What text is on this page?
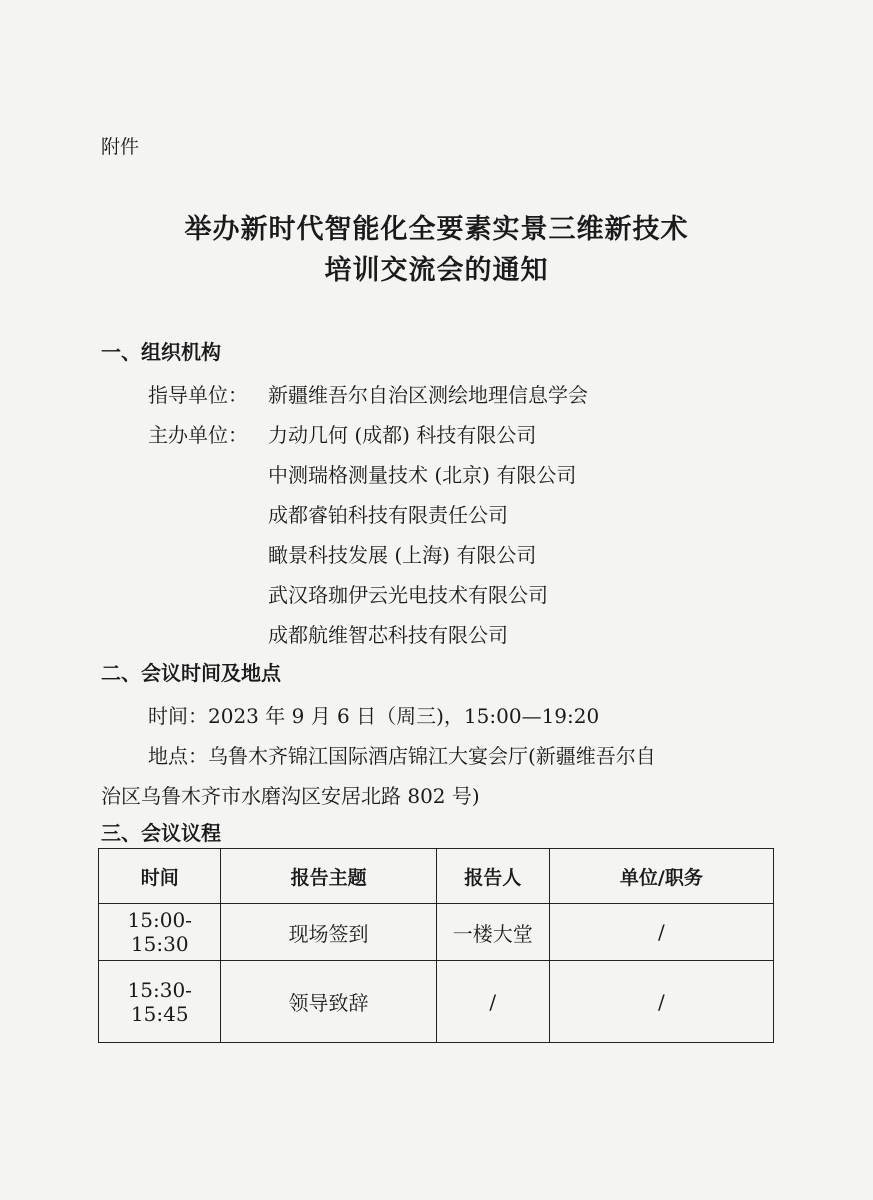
附件
举办新时代智能化全要素实景三维新技术
培训交流会的通知
一、组织机构
指导单位： 新疆维吾尔自治区测绘地理信息学会
主办单位： 力动几何 (成都) 科技有限公司
中测瑞格测量技术 (北京) 有限公司
成都睿铂科技有限责任公司
瞰景科技发展 (上海) 有限公司
武汉珞珈伊云光电技术有限公司
成都航维智芯科技有限公司
二、会议时间及地点
时间：2023 年 9 月 6 日（周三)，15:00—19:20
地点：乌鲁木齐锦江国际酒店锦江大宴会厅(新疆维吾尔自
治区乌鲁木齐市水磨沟区安居北路 802 号)
三、会议议程
时间	报告主题	报告人	单位/职务
15:00-15:30	现场签到	一楼大堂	/
15:30-15:45	领导致辞	/	/
